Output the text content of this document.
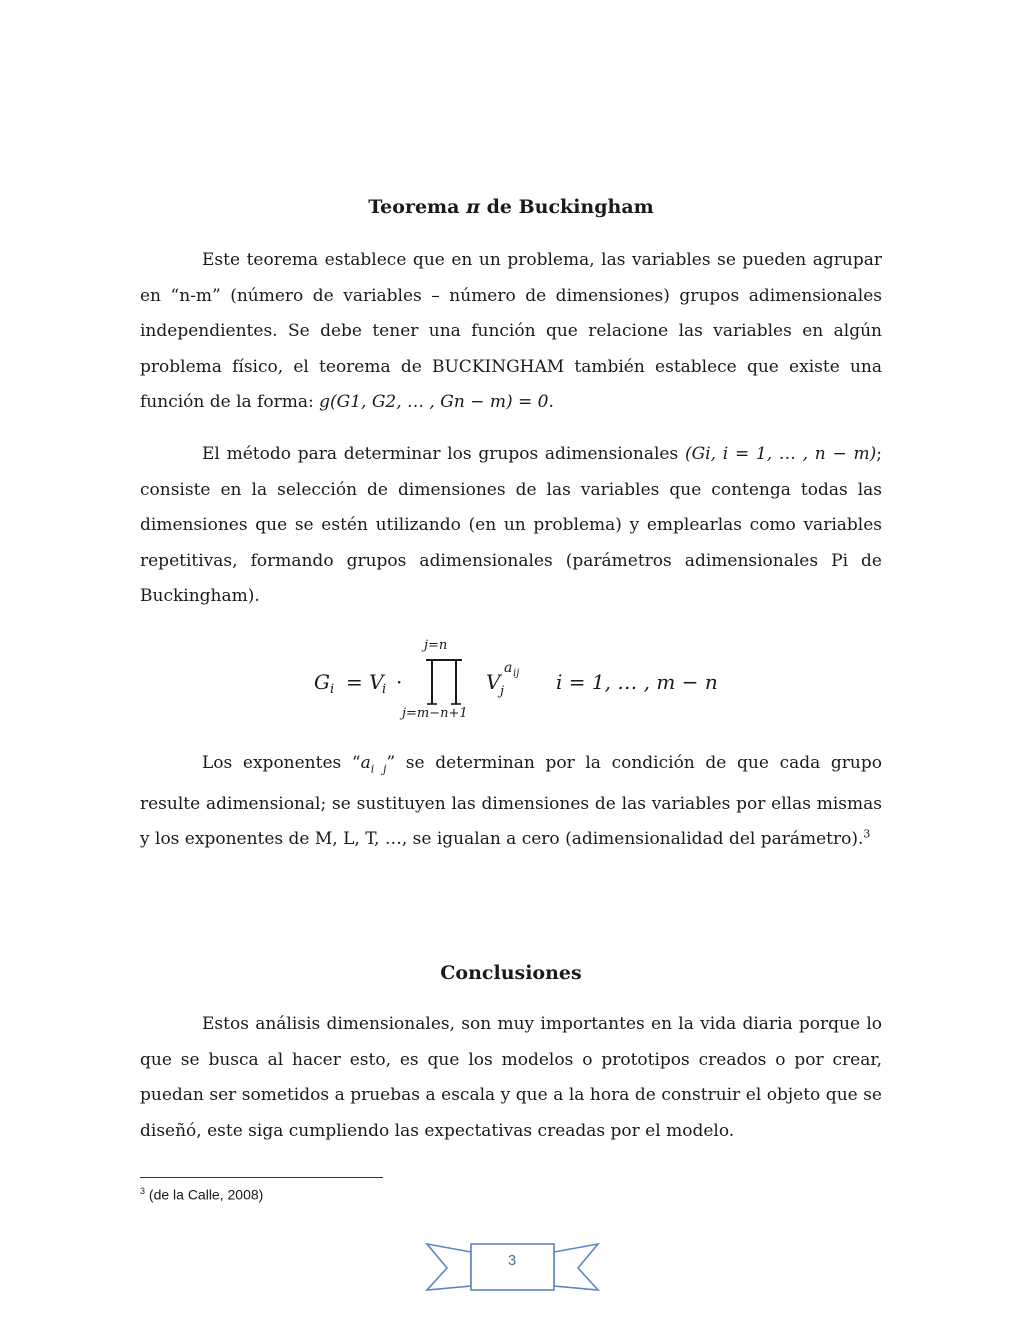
Teorema π de Buckingham

Este teorema establece que en un problema, las variables se pueden agrupar en “n-m” (número de variables – número de dimensiones) grupos adimensionales independientes. Se debe tener una función que relacione las variables en algún problema físico, el teorema de BUCKINGHAM también establece que existe una función de la forma: g(G1, G2, … , Gn − m) = 0.

El método para determinar los grupos adimensionales (Gi, i = 1, … , n − m); consiste en la selección de dimensiones de las variables que contenga todas las dimensiones que se estén utilizando (en un problema) y emplearlas como variables repetitivas, formando grupos adimensionales (parámetros adimensionales Pi de Buckingham).

G i = V
i ·
j=n
j=m−n+1
V j
a ij i = 1, … , m − n

Los exponentes “$a_{i j}$” se determinan por la condición de que cada grupo resulte adimensional; se sustituyen las dimensiones de las variables por ellas mismas y los exponentes de M, L, T, …, se igualan a cero (adimensionalidad del parámetro).$^3$

Conclusiones

Estos análisis dimensionales, son muy importantes en la vida diaria porque lo que se busca al hacer esto, es que los modelos o prototipos creados o por crear, puedan ser sometidos a pruebas a escala y que a la hora de construir el objeto que se diseñó, este siga cumpliendo las expectativas creadas por el modelo.

$^3$ (de la Calle, 2008)
3
